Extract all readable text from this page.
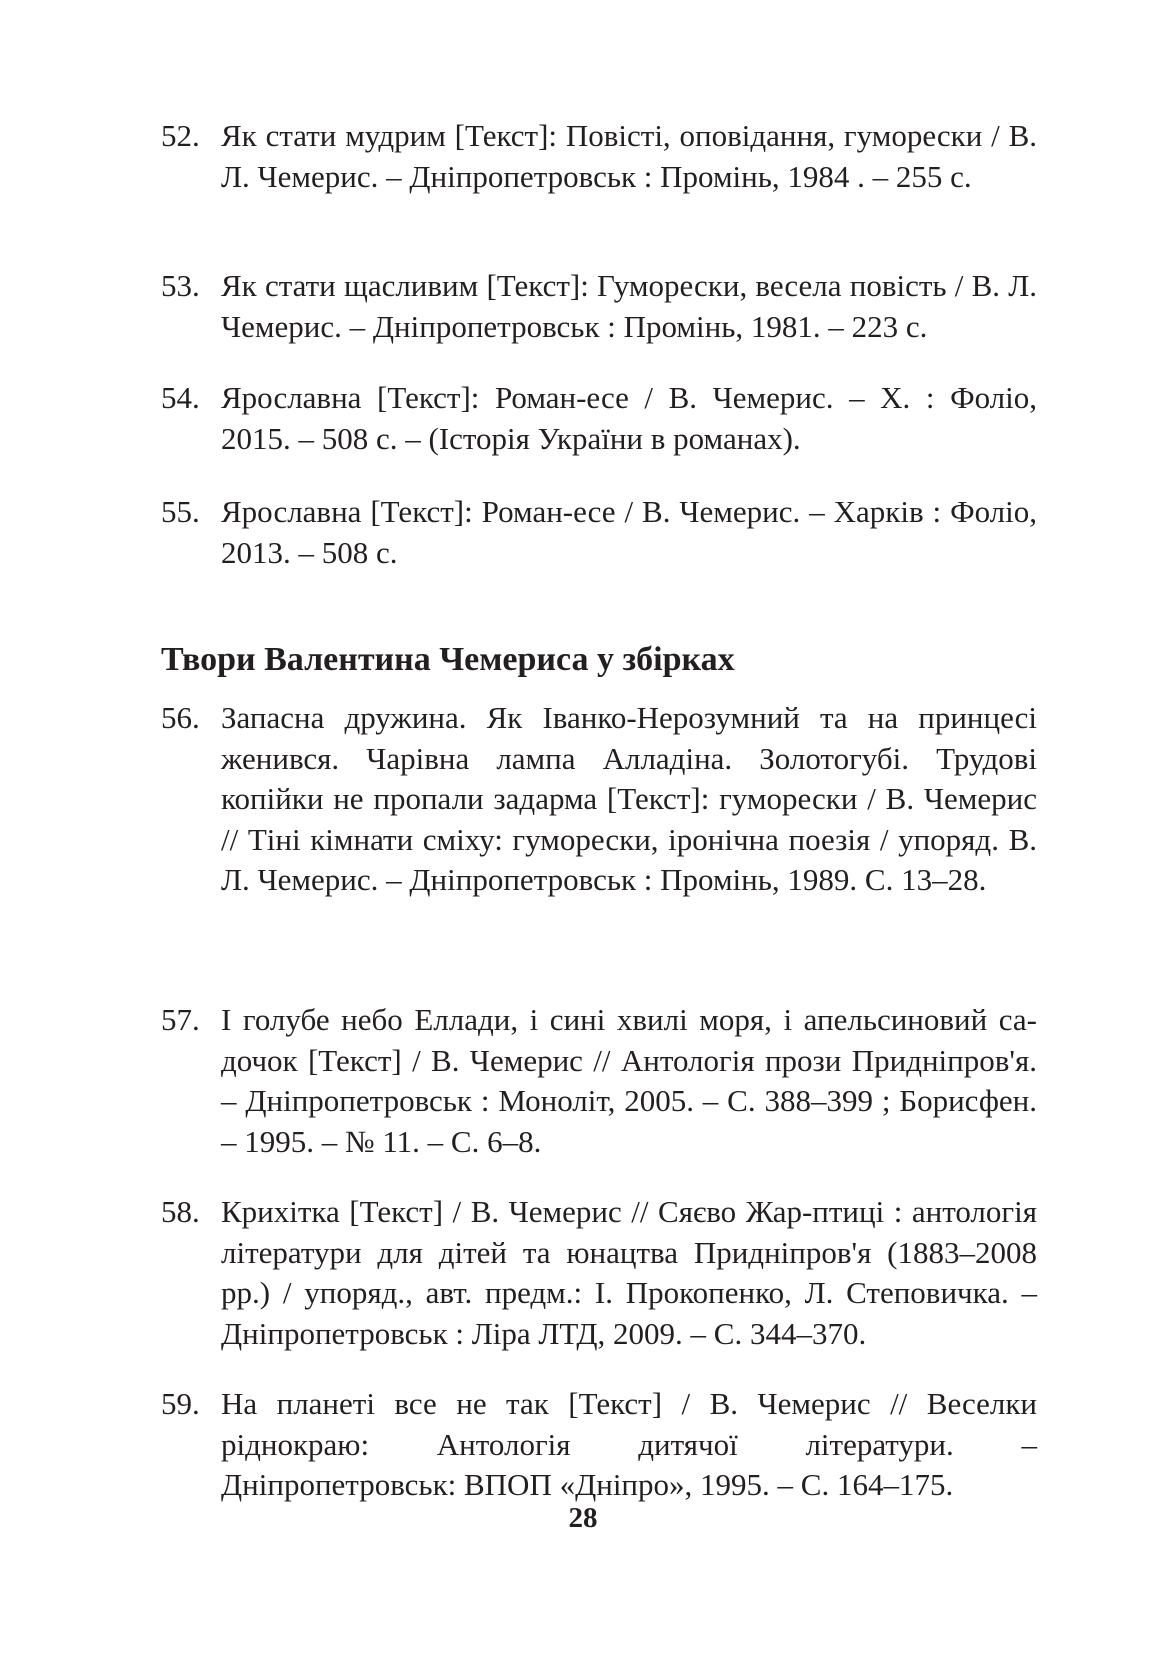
52. Як стати мудрим [Текст]: Повісті, оповідання, гуморески / В. Л. Чемерис. – Дніпропетровськ : Промінь, 1984 . – 255 с.
53. Як стати щасливим [Текст]: Гуморески, весела повість / В. Л. Чемерис. – Дніпропетровськ : Промінь, 1981. – 223 с.
54. Ярославна [Текст]: Роман-есе / В. Чемерис. – Х. : Фоліо, 2015. – 508 с. – (Історія України в романах).
55. Ярославна [Текст]: Роман-есе / В. Чемерис. – Харків : Фоліо, 2013. – 508 с.
Твори Валентина Чемериса у збірках
56. Запасна дружина. Як Іванко-Нерозумний та на принцесі женився. Чарівна лампа Алладіна. Золотогубі. Трудові копійки не пропали задарма [Текст]: гуморески / В. Чемерис // Тіні кімнати сміху: гуморески, іронічна поезія / упоряд. В. Л. Чемерис. – Дніпропетровськ : Промінь, 1989. С. 13–28.
57. І голубе небо Еллади, і сині хвилі моря, і апельсиновий садочок [Текст] / В. Чемерис // Антологія прози Придніпров'я. – Дніпропетровськ : Моноліт, 2005. – С. 388–399 ; Борисфен. – 1995. – № 11. – С. 6–8.
58. Крихітка [Текст] / В. Чемерис // Сяєво Жар-птиці : антологія літератури для дітей та юнацтва Придніпров'я (1883–2008 рр.) / упоряд., авт. предм.: І. Прокопенко, Л. Степовичка. – Дніпропетровськ : Ліра ЛТД, 2009. – С. 344–370.
59. На планеті все не так [Текст] / В. Чемерис // Веселки ріднокраю: Антологія дитячої літератури. – Дніпропетровськ: ВПОП «Дніпро», 1995. – С. 164–175.
28
